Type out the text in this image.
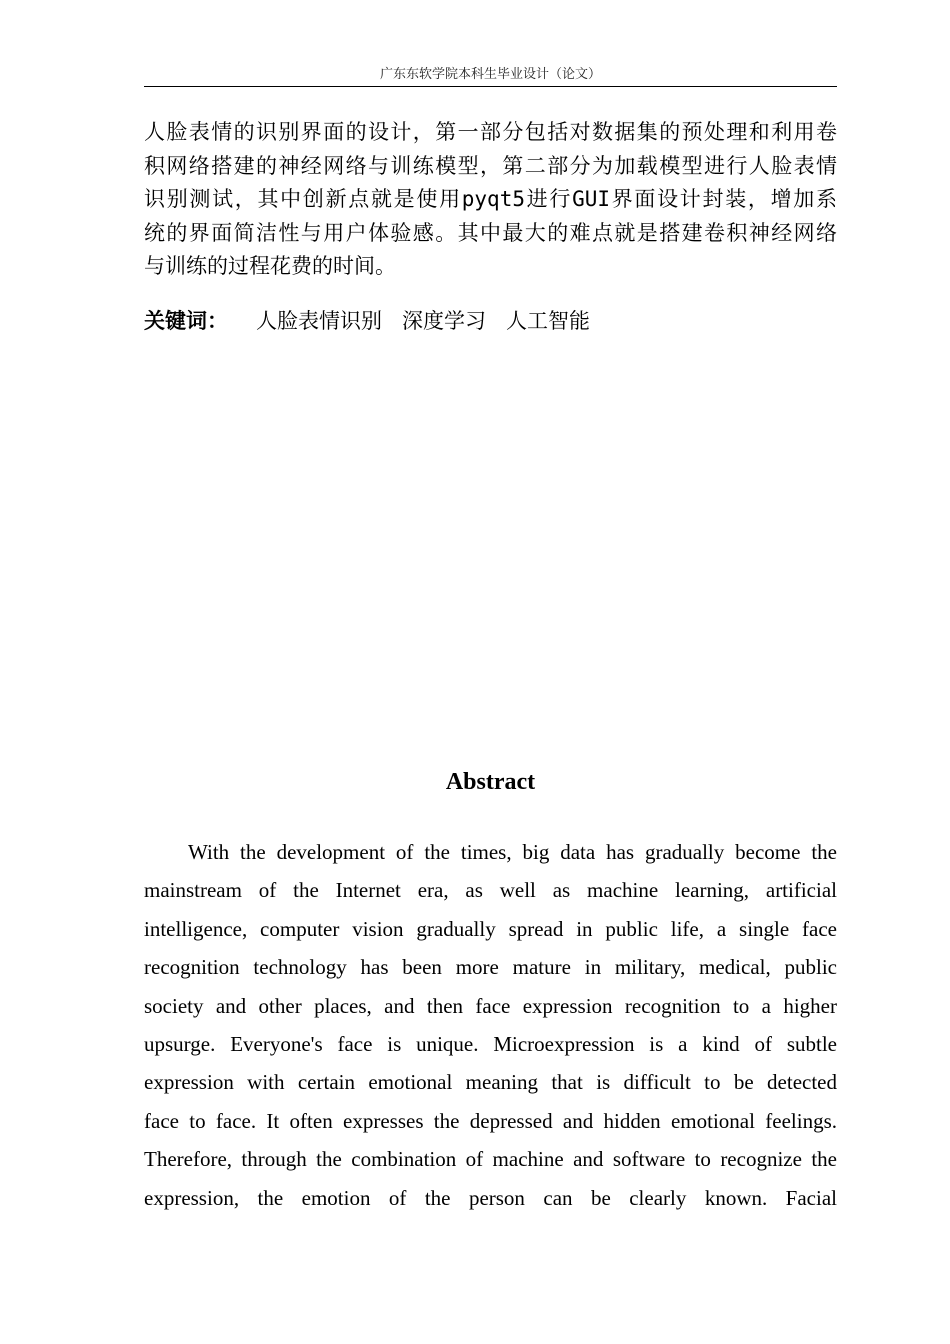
广东东软学院本科生毕业设计（论文）
人脸表情的识别界面的设计，第一部分包括对数据集的预处理和利用卷
积网络搭建的神经网络与训练模型，第二部分为加载模型进行人脸表情
识别测试，其中创新点就是使用pyqt5进行GUI界面设计封装，增加系
统的界面简洁性与用户体验感。其中最大的难点就是搭建卷积神经网络
与训练的过程花费的时间。
关键词： 人脸表情识别 深度学习 人工智能
Abstract
With the development of the times, big data has gradually become the
mainstream of the Internet era, as well as machine learning, artificial
intelligence, computer vision gradually spread in public life, a single face
recognition technology has been more mature in military, medical, public
society and other places, and then face expression recognition to a higher
upsurge. Everyone's face is unique. Microexpression is a kind of subtle
expression with certain emotional meaning that is difficult to be detected
face to face. It often expresses the depressed and hidden emotional feelings.
Therefore, through the combination of machine and software to recognize the
expression, the emotion of the person can be clearly known. Facial
